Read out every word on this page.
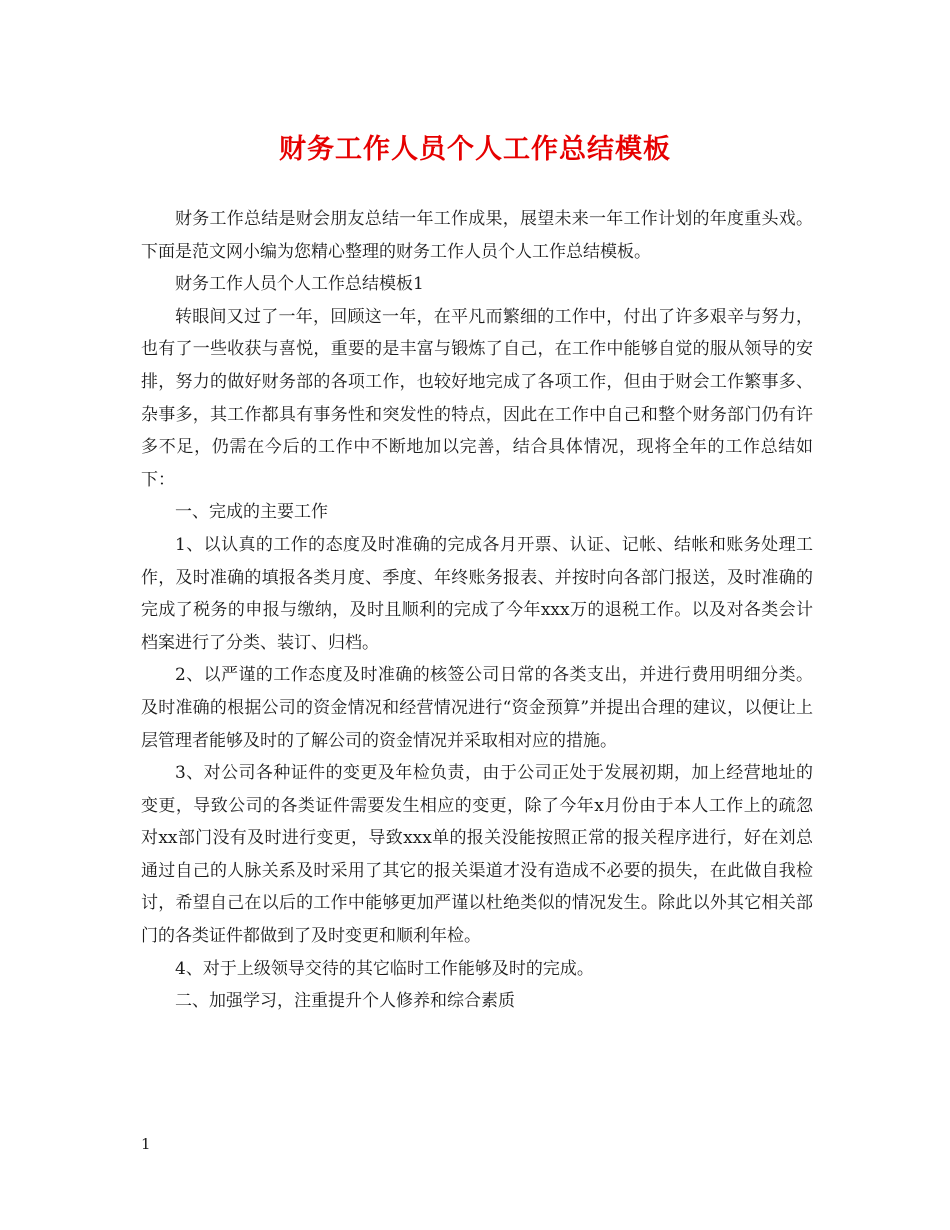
财务工作人员个人工作总结模板

财务工作总结是财会朋友总结一年工作成果，展望未来一年工作计划的年度重头戏。下面是范文网小编为您精心整理的财务工作人员个人工作总结模板。

财务工作人员个人工作总结模板1

转眼间又过了一年，回顾这一年，在平凡而繁细的工作中，付出了许多艰辛与努力，也有了一些收获与喜悦，重要的是丰富与锻炼了自己，在工作中能够自觉的服从领导的安排，努力的做好财务部的各项工作，也较好地完成了各项工作，但由于财会工作繁事多、杂事多，其工作都具有事务性和突发性的特点，因此在工作中自己和整个财务部门仍有许多不足，仍需在今后的工作中不断地加以完善，结合具体情况，现将全年的工作总结如下：

一、完成的主要工作

1、以认真的工作的态度及时准确的完成各月开票、认证、记帐、结帐和账务处理工作，及时准确的填报各类月度、季度、年终账务报表、并按时向各部门报送，及时准确的完成了税务的申报与缴纳，及时且顺利的完成了今年xxx万的退税工作。以及对各类会计档案进行了分类、装订、归档。

2、以严谨的工作态度及时准确的核签公司日常的各类支出，并进行费用明细分类。及时准确的根据公司的资金情况和经营情况进行“资金预算”并提出合理的建议，以便让上层管理者能够及时的了解公司的资金情况并采取相对应的措施。

3、对公司各种证件的变更及年检负责，由于公司正处于发展初期，加上经营地址的变更，导致公司的各类证件需要发生相应的变更，除了今年x月份由于本人工作上的疏忽对xx部门没有及时进行变更，导致xxx单的报关没能按照正常的报关程序进行，好在刘总通过自己的人脉关系及时采用了其它的报关渠道才没有造成不必要的损失，在此做自我检讨，希望自己在以后的工作中能够更加严谨以杜绝类似的情况发生。除此以外其它相关部门的各类证件都做到了及时变更和顺利年检。

4、对于上级领导交待的其它临时工作能够及时的完成。

二、加强学习，注重提升个人修养和综合素质

1
